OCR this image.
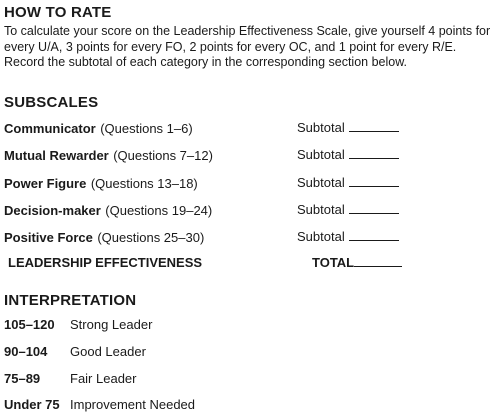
HOW TO RATE
To calculate your score on the Leadership Effectiveness Scale, give yourself 4 points for every U/A, 3 points for every FO, 2 points for every OC, and 1 point for every R/E. Record the subtotal of each category in the corresponding section below.
SUBSCALES
Communicator (Questions 1–6)	Subtotal
Mutual Rewarder (Questions 7–12)	Subtotal
Power Figure (Questions 13–18)	Subtotal
Decision-maker (Questions 19–24)	Subtotal
Positive Force (Questions 25–30)	Subtotal
LEADERSHIP EFFECTIVENESS	TOTAL
INTERPRETATION
105–120 Strong Leader
90–104 Good Leader
75–89 Fair Leader
Under 75 Improvement Needed
